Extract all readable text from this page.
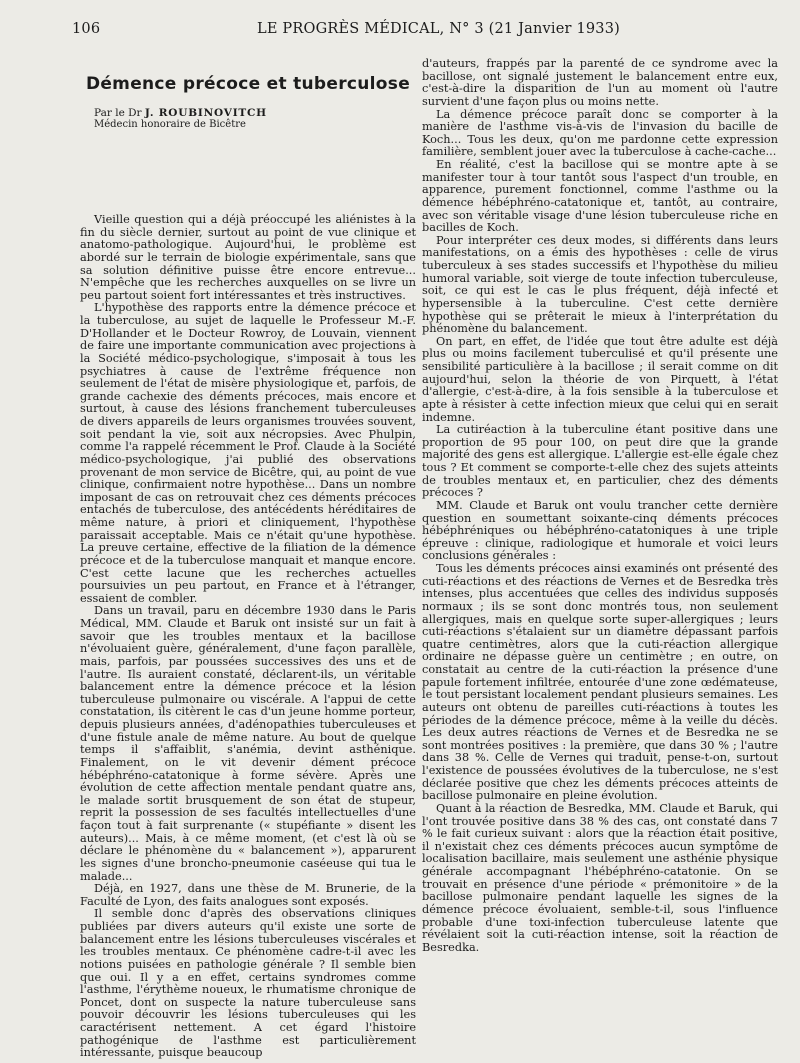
106	LE PROGRÈS MÉDICAL, N° 3 (21 Janvier 1933)
Démence précoce et tuberculose

Par le Dr J. ROUBINOVITCH

Médecin honoraire de Bicêtre

Vieille question qui a déjà préoccupé les aliénistes à la fin du siècle dernier, surtout au point de vue clinique et anatomo-pathologique. Aujourd'hui, le problème est abordé sur le terrain de biologie expérimentale, sans que sa solution définitive puisse être encore entrevue... N'empêche que les recherches auxquelles on se livre un peu partout soient fort intéressantes et très instructives.

L'hypothèse des rapports entre la démence précoce et la tuberculose, au sujet de laquelle le Professeur M.-F. D'Hollander et le Docteur Rowroy, de Louvain, viennent de faire une importante communication avec projections à la Société médico-psychologique, s'imposait à tous les psychiatres à cause de l'extrême fréquence non seulement de l'état de misère physiologique et, parfois, de grande cachexie des déments précoces, mais encore et surtout, à cause des lésions franchement tuberculeuses de divers appareils de leurs organismes trouvées souvent, soit pendant la vie, soit aux nécropsies. Avec Phulpin, comme l'a rappelé récemment le Prof. Claude à la Société médico-psychologique, j'ai publié des observations provenant de mon service de Bicêtre, qui, au point de vue clinique, confirmaient notre hypothèse... Dans un nombre imposant de cas on retrouvait chez ces déments précoces entachés de tuberculose, des antécédents héréditaires de même nature, à priori et cliniquement, l'hypothèse paraissait acceptable. Mais ce n'était qu'une hypothèse. La preuve certaine, effective de la filiation de la démence précoce et de la tuberculose manquait et manque encore. C'est cette lacune que les recherches actuelles poursuivies un peu partout, en France et à l'étranger, essaient de combler.

Dans un travail, paru en décembre 1930 dans le Paris Médical, MM. Claude et Baruk ont insisté sur un fait à savoir que les troubles mentaux et la bacillose n'évoluaient guère, généralement, d'une façon parallèle, mais, parfois, par poussées successives des uns et de l'autre. Ils auraient constaté, déclarent-ils, un véritable balancement entre la démence précoce et la lésion tuberculeuse pulmonaire ou viscérale. A l'appui de cette constatation, ils citèrent le cas d'un jeune homme porteur, depuis plusieurs années, d'adénopathies tuberculeuses et d'une fistule anale de même nature. Au bout de quelque temps il s'affaiblit, s'anémia, devint asthénique. Finalement, on le vit devenir dément précoce hébéphréno-catatonique à forme sévère. Après une évolution de cette affection mentale pendant quatre ans, le malade sortit brusquement de son état de stupeur, reprit la possession de ses facultés intellectuelles d'une façon tout à fait surprenante (« stupéfiante » disent les auteurs)... Mais, à ce même moment, (et c'est là où se déclare le phénomène du « balancement »), apparurent les signes d'une broncho-pneumonie caséeuse qui tua le malade...

Déjà, en 1927, dans une thèse de M. Brunerie, de la Faculté de Lyon, des faits analogues sont exposés.

Il semble donc d'après des observations cliniques publiées par divers auteurs qu'il existe une sorte de balancement entre les lésions tuberculeuses viscérales et les troubles mentaux. Ce phénomène cadre-t-il avec les notions puisées en pathologie générale ? Il semble bien que oui. Il y a en effet, certains syndromes comme l'asthme, l'érythème noueux, le rhumatisme chronique de Poncet, dont on suspecte la nature tuberculeuse sans pouvoir découvrir les lésions tuberculeuses qui les caractérisent nettement. A cet égard l'histoire pathogénique de l'asthme est particulièrement intéressante, puisque beaucoup

d'auteurs, frappés par la parenté de ce syndrome avec la bacillose, ont signalé justement le balancement entre eux, c'est-à-dire la disparition de l'un au moment où l'autre survient d'une façon plus ou moins nette.

La démence précoce paraît donc se comporter à la manière de l'asthme vis-à-vis de l'invasion du bacille de Koch... Tous les deux, qu'on me pardonne cette expression familière, semblent jouer avec la tuberculose à cache-cache...

En réalité, c'est la bacillose qui se montre apte à se manifester tour à tour tantôt sous l'aspect d'un trouble, en apparence, purement fonctionnel, comme l'asthme ou la démence hébéphréno-catatonique et, tantôt, au contraire, avec son véritable visage d'une lésion tuberculeuse riche en bacilles de Koch.

Pour interpréter ces deux modes, si différents dans leurs manifestations, on a émis des hypothèses : celle de virus tuberculeux à ses stades successifs et l'hypothèse du milieu humoral variable, soit vierge de toute infection tuberculeuse, soit, ce qui est le cas le plus fréquent, déjà infecté et hypersensible à la tuberculine. C'est cette dernière hypothèse qui se prêterait le mieux à l'interprétation du phénomène du balancement.

On part, en effet, de l'idée que tout être adulte est déjà plus ou moins facilement tuberculisé et qu'il présente une sensibilité particulière à la bacillose ; il serait comme on dit aujourd'hui, selon la théorie de von Pirquett, à l'état d'allergie, c'est-à-dire, à la fois sensible à la tuberculose et apte à résister à cette infection mieux que celui qui en serait indemne.

La cutiréaction à la tuberculine étant positive dans une proportion de 95 pour 100, on peut dire que la grande majorité des gens est allergique. L'allergie est-elle égale chez tous ? Et comment se comporte-t-elle chez des sujets atteints de troubles mentaux et, en particulier, chez des déments précoces ?

MM. Claude et Baruk ont voulu trancher cette dernière question en soumettant soixante-cinq déments précoces hébéphréniques ou hébéphréno-catatoniques à une triple épreuve : clinique, radiologique et humorale et voici leurs conclusions générales :

Tous les déments précoces ainsi examinés ont présenté des cuti-réactions et des réactions de Vernes et de Besredka très intenses, plus accentuées que celles des individus supposés normaux ; ils se sont donc montrés tous, non seulement allergiques, mais en quelque sorte super-allergiques ; leurs cuti-réactions s'étalaient sur un diamètre dépassant parfois quatre centimètres, alors que la cuti-réaction allergique ordinaire ne dépasse guère un centimètre ; en outre, on constatait au centre de la cuti-réaction la présence d'une papule fortement infiltrée, entourée d'une zone œdémateuse, le tout persistant localement pendant plusieurs semaines. Les auteurs ont obtenu de pareilles cuti-réactions à toutes les périodes de la démence précoce, même à la veille du décès. Les deux autres réactions de Vernes et de Besredka ne se sont montrées positives : la première, que dans 30 % ; l'autre dans 38 %. Celle de Vernes qui traduit, pense-t-on, surtout l'existence de poussées évolutives de la tuberculose, ne s'est déclarée positive que chez les déments précoces atteints de bacillose pulmonaire en pleine évolution.

Quant à la réaction de Besredka, MM. Claude et Baruk, qui l'ont trouvée positive dans 38 % des cas, ont constaté dans 7 % le fait curieux suivant : alors que la réaction était positive, il n'existait chez ces déments précoces aucun symptôme de localisation bacillaire, mais seulement une asthénie physique générale accompagnant l'hébéphréno-catatonie. On se trouvait en présence d'une période « prémonitoire » de la bacillose pulmonaire pendant laquelle les signes de la démence précoce évoluaient, semble-t-il, sous l'influence probable d'une toxi-infection tuberculeuse latente que révélaient soit la cuti-réaction intense, soit la réaction de Besredka.
